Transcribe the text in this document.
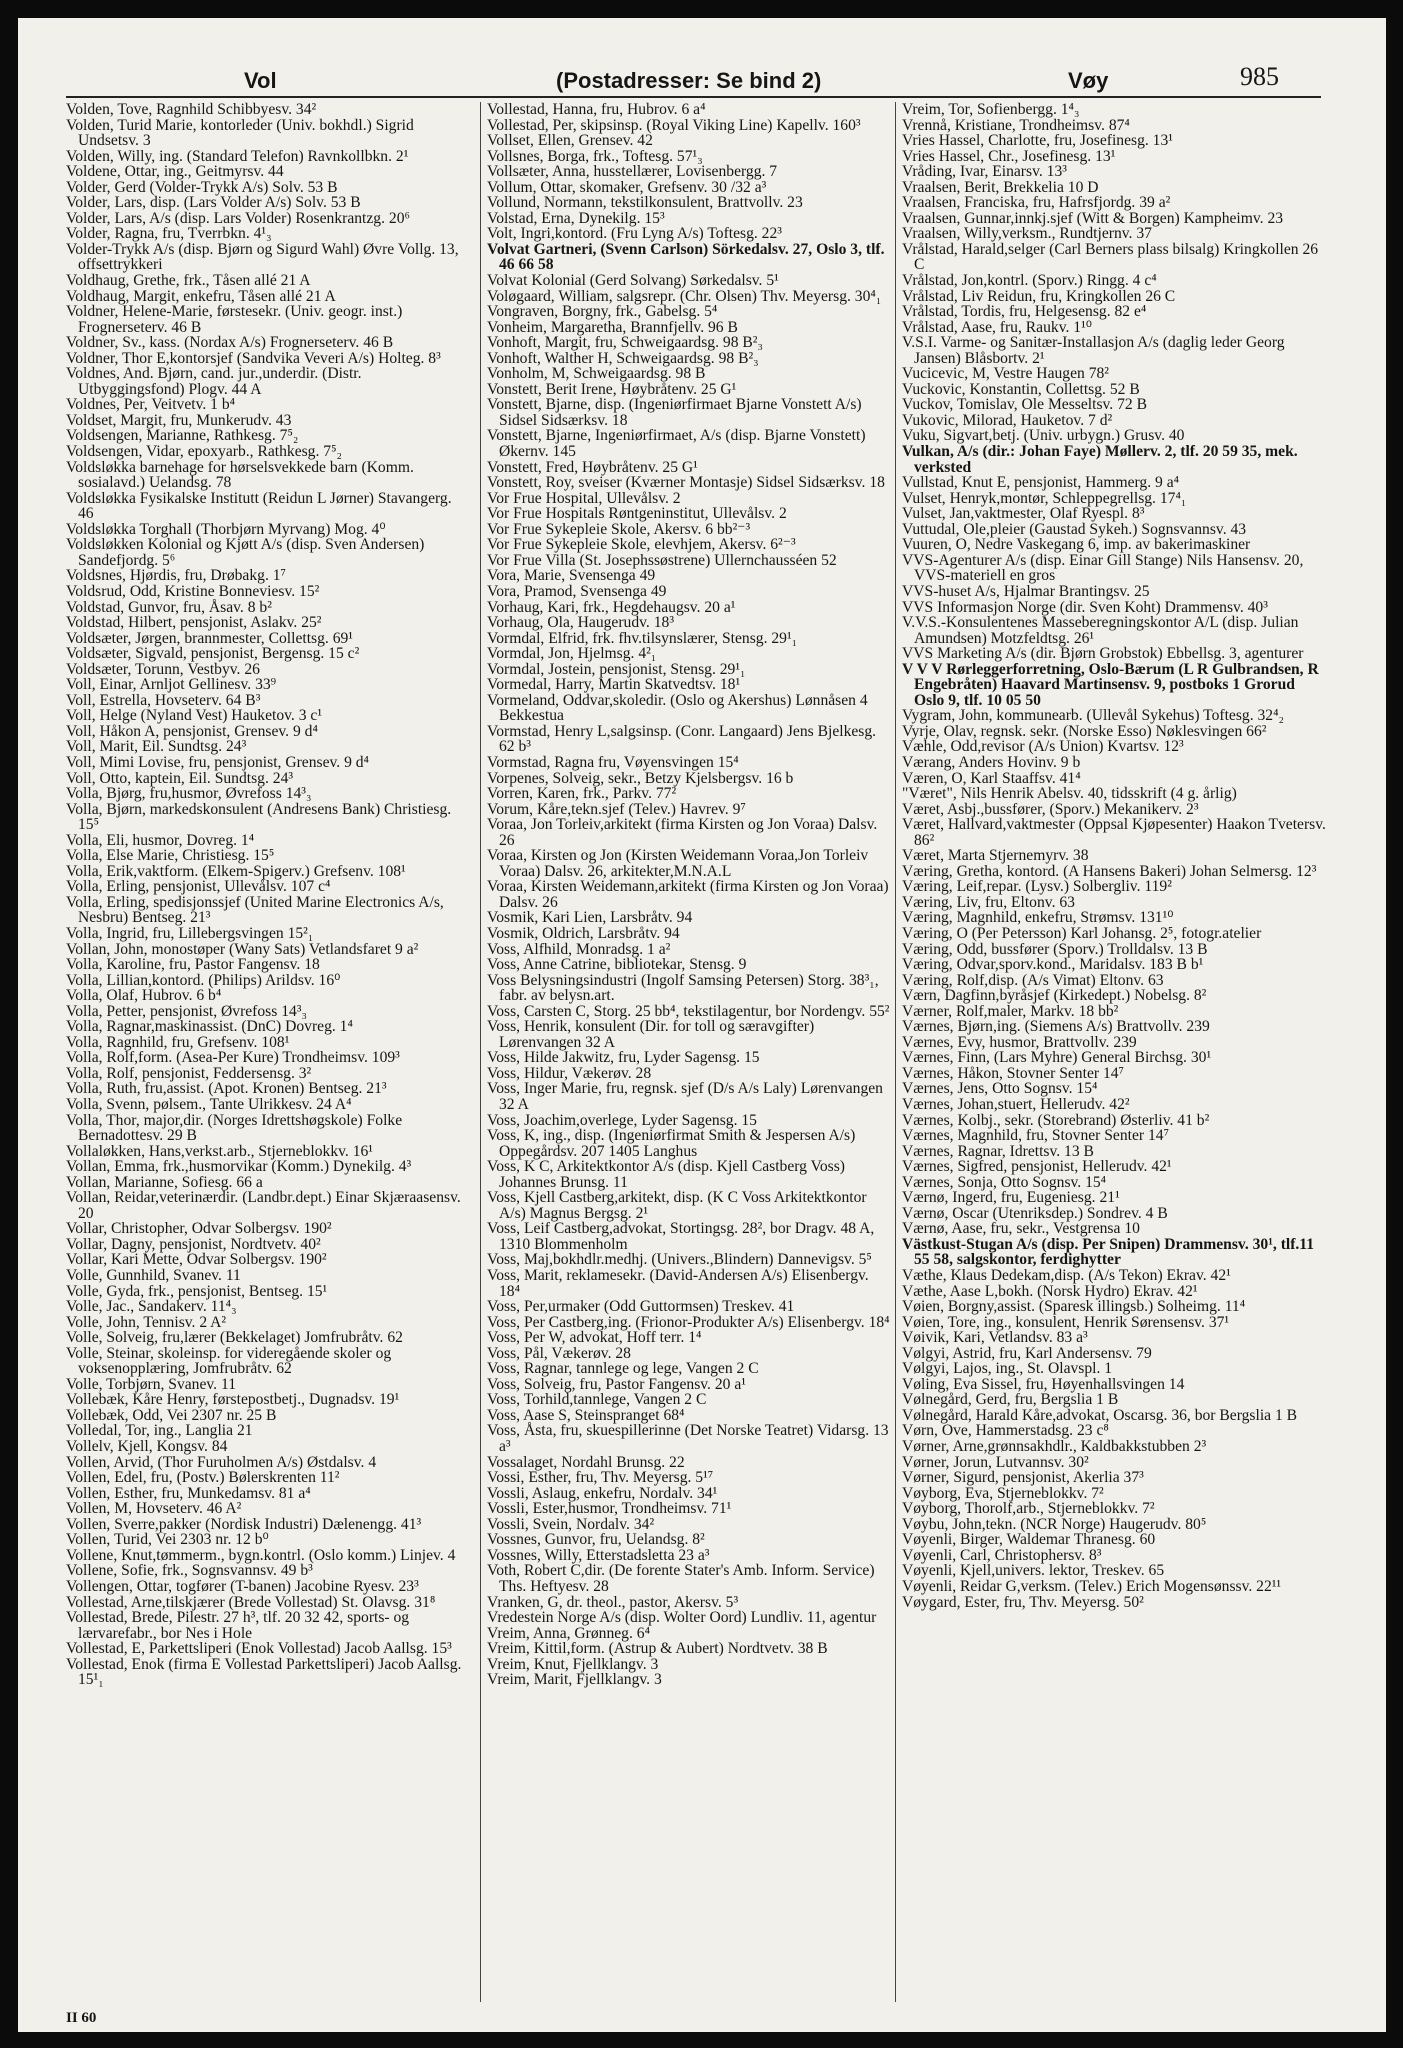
Vol	(Postadresser: Se bind 2)	Vøy	985

Volden, Tove, Ragnhild Schibbyesv. 34²

Volden, Turid Marie, kontorleder (Univ. bokhdl.) Sigrid Undsetsv. 3

Volden, Willy, ing. (Standard Telefon) Ravnkollbkn. 2¹

Voldene, Ottar, ing., Geitmyrsv. 44

Volder, Gerd (Volder-Trykk A/s) Solv. 53 B

Volder, Lars, disp. (Lars Volder A/s) Solv. 53 B

Volder, Lars, A/s (disp. Lars Volder) Rosenkrantzg. 20⁶

Volder, Ragna, fru, Tverrbkn. 4¹₃

Volder-Trykk A/s (disp. Bjørn og Sigurd Wahl) Øvre Vollg. 13, offsettrykkeri

Voldhaug, Grethe, frk., Tåsen allé 21 A

Voldhaug, Margit, enkefru, Tåsen allé 21 A

Voldner, Helene-Marie, førstesekr. (Univ. geogr. inst.) Frognerseterv. 46 B

Voldner, Sv., kass. (Nordax A/s) Frognerseterv. 46 B

Voldner, Thor E,kontorsjef (Sandvika Veveri A/s) Holteg. 8³

Voldnes, And. Bjørn, cand. jur.,underdir. (Distr. Utbyggingsfond) Plogv. 44 A

Voldnes, Per, Veitvetv. 1 b⁴

Voldset, Margit, fru, Munkerudv. 43

Voldsengen, Marianne, Rathkesg. 7⁵₂

Voldsengen, Vidar, epoxyarb., Rathkesg. 7⁵₂

Voldsløkka barnehage for hørselsvekkede barn (Komm. sosialavd.) Uelandsg. 78

Voldsløkka Fysikalske Institutt (Reidun L Jørner) Stavangerg. 46

Voldsløkka Torghall (Thorbjørn Myrvang) Mog. 4⁰

Voldsløkken Kolonial og Kjøtt A/s (disp. Sven Andersen) Sandefjordg. 5⁶

Voldsnes, Hjørdis, fru, Drøbakg. 1⁷

Voldsrud, Odd, Kristine Bonneviesv. 15²

Voldstad, Gunvor, fru, Åsav. 8 b²

Voldstad, Hilbert, pensjonist, Aslakv. 25²

Voldsæter, Jørgen, brannmester, Collettsg. 69¹

Voldsæter, Sigvald, pensjonist, Bergensg. 15 c²

Voldsæter, Torunn, Vestbyv. 26

Voll, Einar, Arnljot Gellinesv. 33⁹

Voll, Estrella, Hovseterv. 64 B³

Voll, Helge (Nyland Vest) Hauketov. 3 c¹

Voll, Håkon A, pensjonist, Grensev. 9 d⁴

Voll, Marit, Eil. Sundtsg. 24³

Voll, Mimi Lovise, fru, pensjonist, Grensev. 9 d⁴

Voll, Otto, kaptein, Eil. Sundtsg. 24³

Volla, Bjørg, fru,husmor, Øvrefoss 14³₃

Volla, Bjørn, markedskonsulent (Andresens Bank) Christiesg. 15⁵

Volla, Eli, husmor, Dovreg. 1⁴

Volla, Else Marie, Christiesg. 15⁵

Volla, Erik,vaktform. (Elkem-Spigerv.) Grefsenv. 108¹

Volla, Erling, pensjonist, Ullevålsv. 107 c⁴

Volla, Erling, spedisjonssjef (United Marine Electronics A/s, Nesbru) Bentseg. 21³

Volla, Ingrid, fru, Lillebergsvingen 15²₁

Vollan, John, monostøper (Wany Sats) Vetlandsfaret 9 a²

Volla, Karoline, fru, Pastor Fangensv. 18

Volla, Lillian,kontord. (Philips) Arildsv. 16⁰

Volla, Olaf, Hubrov. 6 b⁴

Volla, Petter, pensjonist, Øvrefoss 14³₃

Volla, Ragnar,maskinassist. (DnC) Dovreg. 1⁴

Volla, Ragnhild, fru, Grefsenv. 108¹

Volla, Rolf,form. (Asea-Per Kure) Trondheimsv. 109³

Volla, Rolf, pensjonist, Feddersensg. 3²

Volla, Ruth, fru,assist. (Apot. Kronen) Bentseg. 21³

Volla, Svenn, pølsem., Tante Ulrikkesv. 24 A⁴

Volla, Thor, major,dir. (Norges Idrettshøgskole) Folke Bernadottesv. 29 B

Vollaløkken, Hans,verkst.arb., Stjerneblokkv. 16¹

Vollan, Emma, frk.,husmorvikar (Komm.) Dynekilg. 4³

Vollan, Marianne, Sofiesg. 66 a

Vollan, Reidar,veterinærdir. (Landbr.dept.) Einar Skjæraasensv. 20

Vollar, Christopher, Odvar Solbergsv. 190²

Vollar, Dagny, pensjonist, Nordtvetv. 40²

Vollar, Kari Mette, Odvar Solbergsv. 190²

Volle, Gunnhild, Svanev. 11

Volle, Gyda, frk., pensjonist, Bentseg. 15¹

Volle, Jac., Sandakerv. 11⁴₃

Volle, John, Tennisv. 2 A²

Volle, Solveig, fru,lærer (Bekkelaget) Jomfrubråtv. 62

Volle, Steinar, skoleinsp. for videregående skoler og voksenopplæring, Jomfrubråtv. 62

Volle, Torbjørn, Svanev. 11

Vollebæk, Kåre Henry, førstepostbetj., Dugnadsv. 19¹

Vollebæk, Odd, Vei 2307 nr. 25 B

Volledal, Tor, ing., Langlia 21

Vollelv, Kjell, Kongsv. 84

Vollen, Arvid, (Thor Furuholmen A/s) Østdalsv. 4

Vollen, Edel, fru, (Postv.) Bølerskrenten 11²

Vollen, Esther, fru, Munkedamsv. 81 a⁴

Vollen, M, Hovseterv. 46 A²

Vollen, Sverre,pakker (Nordisk Industri) Dælenengg. 41³

Vollen, Turid, Vei 2303 nr. 12 b⁰

Vollene, Knut,tømmerm., bygn.kontrl. (Oslo komm.) Linjev. 4

Vollene, Sofie, frk., Sognsvannsv. 49 b³

Vollengen, Ottar, togfører (T-banen) Jacobine Ryesv. 23³

Vollestad, Arne,tilskjærer (Brede Vollestad) St. Olavsg. 31⁸

Vollestad, Brede, Pilestr. 27 h³, tlf. 20 32 42, sports- og lærvarefabr., bor Nes i Hole

Vollestad, E, Parkettsliperi (Enok Vollestad) Jacob Aallsg. 15³

Vollestad, Enok (firma E Vollestad Parkettsliperi) Jacob Aallsg. 15¹₁

Vollestad, Hanna, fru, Hubrov. 6 a⁴

Vollestad, Per, skipsinsp. (Royal Viking Line) Kapellv. 160³

Vollset, Ellen, Grensev. 42

Vollsnes, Borga, frk., Toftesg. 57¹₃

Vollsæter, Anna, husstellærer, Lovisenbergg. 7

Vollum, Ottar, skomaker, Grefsenv. 30 /32 a³

Vollund, Normann, tekstilkonsulent, Brattvollv. 23

Volstad, Erna, Dynekilg. 15³

Volt, Ingri,kontord. (Fru Lyng A/s) Toftesg. 22³

Volvat Gartneri, (Svenn Carlson) Sörkedalsv. 27, Oslo 3, tlf. 46 66 58

Volvat Kolonial (Gerd Solvang) Sørkedalsv. 5¹

Voløgaard, William, salgsrepr. (Chr. Olsen) Thv. Meyersg. 30⁴₁

Vongraven, Borgny, frk., Gabelsg. 5⁴

Vonheim, Margaretha, Brannfjellv. 96 B

Vonhoft, Margit, fru, Schweigaardsg. 98 B²₃

Vonhoft, Walther H, Schweigaardsg. 98 B²₃

Vonholm, M, Schweigaardsg. 98 B

Vonstett, Berit Irene, Høybråtenv. 25 G¹

Vonstett, Bjarne, disp. (Ingeniørfirmaet Bjarne Vonstett A/s) Sidsel Sidsærksv. 18

Vonstett, Bjarne, Ingeniørfirmaet, A/s (disp. Bjarne Vonstett) Økernv. 145

Vonstett, Fred, Høybråtenv. 25 G¹

Vonstett, Roy, sveiser (Kværner Montasje) Sidsel Sidsærksv. 18

Vor Frue Hospital, Ullevålsv. 2

Vor Frue Hospitals Røntgeninstitut, Ullevålsv. 2

Vor Frue Sykepleie Skole, Akersv. 6 bb²⁻³

Vor Frue Sykepleie Skole, elevhjem, Akersv. 6²⁻³

Vor Frue Villa (St. Josephssøstrene) Ullernchausséen 52

Vora, Marie, Svensenga 49

Vora, Pramod, Svensenga 49

Vorhaug, Kari, frk., Hegdehaugsv. 20 a¹

Vorhaug, Ola, Haugerudv. 18³

Vormdal, Elfrid, frk. fhv.tilsynslærer, Stensg. 29¹₁

Vormdal, Jon, Hjelmsg. 4²₁

Vormdal, Jostein, pensjonist, Stensg. 29¹₁

Vormedal, Harry, Martin Skatvedtsv. 18¹

Vormeland, Oddvar,skoledir. (Oslo og Akershus) Lønnåsen 4 Bekkestua

Vormstad, Henry L,salgsinsp. (Conr. Langaard) Jens Bjelkesg. 62 b³

Vormstad, Ragna fru, Vøyensvingen 15⁴

Vorpenes, Solveig, sekr., Betzy Kjelsbergsv. 16 b

Vorren, Karen, frk., Parkv. 77²

Vorum, Kåre,tekn.sjef (Telev.) Havrev. 9⁷

Voraa, Jon Torleiv,arkitekt (firma Kirsten og Jon Voraa) Dalsv. 26

Voraa, Kirsten og Jon (Kirsten Weidemann Voraa,Jon Torleiv Voraa) Dalsv. 26, arkitekter,M.N.A.L

Voraa, Kirsten Weidemann,arkitekt (firma Kirsten og Jon Voraa) Dalsv. 26

Vosmik, Kari Lien, Larsbråtv. 94

Vosmik, Oldrich, Larsbråtv. 94

Voss, Alfhild, Monradsg. 1 a²

Voss, Anne Catrine, bibliotekar, Stensg. 9

Voss Belysningsindustri (Ingolf Samsing Petersen) Storg. 38³₁, fabr. av belysn.art.

Voss, Carsten C, Storg. 25 bb⁴, tekstilagentur, bor Nordengv. 55²

Voss, Henrik, konsulent (Dir. for toll og særavgifter) Lørenvangen 32 A

Voss, Hilde Jakwitz, fru, Lyder Sagensg. 15

Voss, Hildur, Vækerøv. 28

Voss, Inger Marie, fru, regnsk. sjef (D/s A/s Laly) Lørenvangen 32 A

Voss, Joachim,overlege, Lyder Sagensg. 15

Voss, K, ing., disp. (Ingeniørfirmat Smith & Jespersen A/s) Oppegårdsv. 207 1405 Langhus

Voss, K C, Arkitektkontor A/s (disp. Kjell Castberg Voss) Johannes Brunsg. 11

Voss, Kjell Castberg,arkitekt, disp. (K C Voss Arkitektkontor A/s) Magnus Bergsg. 2¹

Voss, Leif Castberg,advokat, Stortingsg. 28², bor Dragv. 48 A, 1310 Blommenholm

Voss, Maj,bokhdlr.medhj. (Univers.,Blindern) Dannevigsv. 5⁵

Voss, Marit, reklamesekr. (David-Andersen A/s) Elisenbergv. 18⁴

Voss, Per,urmaker (Odd Guttormsen) Treskev. 41

Voss, Per Castberg,ing. (Frionor-Produkter A/s) Elisenbergv. 18⁴

Voss, Per W, advokat, Hoff terr. 1⁴

Voss, Pål, Vækerøv. 28

Voss, Ragnar, tannlege og lege, Vangen 2 C

Voss, Solveig, fru, Pastor Fangensv. 20 a¹

Voss, Torhild,tannlege, Vangen 2 C

Voss, Aase S, Steinspranget 68⁴

Voss, Åsta, fru, skuespillerinne (Det Norske Teatret) Vidarsg. 13 a³

Vossalaget, Nordahl Brunsg. 22

Vossi, Esther, fru, Thv. Meyersg. 5¹⁷

Vossli, Aslaug, enkefru, Nordalv. 34¹

Vossli, Ester,husmor, Trondheimsv. 71¹

Vossli, Svein, Nordalv. 34²

Vossnes, Gunvor, fru, Uelandsg. 8²

Vossnes, Willy, Etterstadsletta 23 a³

Voth, Robert C,dir. (De forente Stater's Amb. Inform. Service) Ths. Heftyesv. 28

Vranken, G, dr. theol., pastor, Akersv. 5³

Vredestein Norge A/s (disp. Wolter Oord) Lundliv. 11, agentur

Vreim, Anna, Grønneg. 6⁴

Vreim, Kittil,form. (Astrup & Aubert) Nordtvetv. 38 B

Vreim, Knut, Fjellklangv. 3

Vreim, Marit, Fjellklangv. 3

Vreim, Tor, Sofienbergg. 1⁴₃

Vrennå, Kristiane, Trondheimsv. 87⁴

Vries Hassel, Charlotte, fru, Josefinesg. 13¹

Vries Hassel, Chr., Josefinesg. 13¹

Vråding, Ivar, Einarsv. 13³

Vraalsen, Berit, Brekkelia 10 D

Vraalsen, Franciska, fru, Hafrsfjordg. 39 a²

Vraalsen, Gunnar,innkj.sjef (Witt & Borgen) Kampheimv. 23

Vraalsen, Willy,verksm., Rundtjernv. 37

Vrålstad, Harald,selger (Carl Berners plass bilsalg) Kringkollen 26 C

Vrålstad, Jon,kontrl. (Sporv.) Ringg. 4 c⁴

Vrålstad, Liv Reidun, fru, Kringkollen 26 C

Vrålstad, Tordis, fru, Helgesensg. 82 e⁴

Vrålstad, Aase, fru, Raukv. 1¹⁰

V.S.I. Varme- og Sanitær-Installasjon A/s (daglig leder Georg Jansen) Blåsbortv. 2¹

Vucicevic, M, Vestre Haugen 78²

Vuckovic, Konstantin, Collettsg. 52 B

Vuckov, Tomislav, Ole Messeltsv. 72 B

Vukovic, Milorad, Hauketov. 7 d²

Vuku, Sigvart,betj. (Univ. urbygn.) Grusv. 40

Vulkan, A/s (dir.: Johan Faye) Møllerv. 2, tlf. 20 59 35, mek. verksted

Vullstad, Knut E, pensjonist, Hammerg. 9 a⁴

Vulset, Henryk,montør, Schleppegrellsg. 17⁴₁

Vulset, Jan,vaktmester, Olaf Ryespl. 8³

Vuttudal, Ole,pleier (Gaustad Sykeh.) Sognsvannsv. 43

Vuuren, O, Nedre Vaskegang 6, imp. av bakerimaskiner

VVS-Agenturer A/s (disp. Einar Gill Stange) Nils Hansensv. 20, VVS-materiell en gros

VVS-huset A/s, Hjalmar Brantingsv. 25

VVS Informasjon Norge (dir. Sven Koht) Drammensv. 40³

V.V.S.-Konsulentenes Masseberegningskontor A/L (disp. Julian Amundsen) Motzfeldtsg. 26¹

VVS Marketing A/s (dir. Bjørn Grobstok) Ebbellsg. 3, agenturer

V V V Rørleggerforretning, Oslo-Bærum (L R Gulbrandsen, R Engebråten) Haavard Martinsensv. 9, postboks 1 Grorud Oslo 9, tlf. 10 05 50

Vygram, John, kommunearb. (Ullevål Sykehus) Toftesg. 32⁴₂

Vyrje, Olav, regnsk. sekr. (Norske Esso) Nøklesvingen 66²

Væhle, Odd,revisor (A/s Union) Kvartsv. 12³

Værang, Anders Hovinv. 9 b

Væren, O, Karl Staaffsv. 41⁴

"Været", Nils Henrik Abelsv. 40, tidsskrift (4 g. årlig)

Været, Asbj.,bussfører, (Sporv.) Mekanikerv. 2³

Været, Hallvard,vaktmester (Oppsal Kjøpesenter) Haakon Tvetersv. 86²

Været, Marta Stjernemyrv. 38

Væring, Gretha, kontord. (A Hansens Bakeri) Johan Selmersg. 12³

Væring, Leif,repar. (Lysv.) Solbergliv. 119²

Væring, Liv, fru, Eltonv. 63

Væring, Magnhild, enkefru, Strømsv. 131¹⁰

Væring, O (Per Petersson) Karl Johansg. 2⁵, fotogr.atelier

Væring, Odd, bussfører (Sporv.) Trolldalsv. 13 B

Væring, Odvar,sporv.kond., Maridalsv. 183 B b¹

Væring, Rolf,disp. (A/s Vimat) Eltonv. 63

Værn, Dagfinn,byråsjef (Kirkedept.) Nobelsg. 8²

Værner, Rolf,maler, Markv. 18 bb²

Værnes, Bjørn,ing. (Siemens A/s) Brattvollv. 239

Værnes, Evy, husmor, Brattvollv. 239

Værnes, Finn, (Lars Myhre) General Birchsg. 30¹

Værnes, Håkon, Stovner Senter 14⁷

Værnes, Jens, Otto Sognsv. 15⁴

Værnes, Johan,stuert, Hellerudv. 42²

Værnes, Kolbj., sekr. (Storebrand) Østerliv. 41 b²

Værnes, Magnhild, fru, Stovner Senter 14⁷

Værnes, Ragnar, Idrettsv. 13 B

Værnes, Sigfred, pensjonist, Hellerudv. 42¹

Værnes, Sonja, Otto Sognsv. 15⁴

Værnø, Ingerd, fru, Eugeniesg. 21¹

Værnø, Oscar (Utenriksdep.) Sondrev. 4 B

Værnø, Aase, fru, sekr., Vestgrensa 10

Västkust-Stugan A/s (disp. Per Snipen) Drammensv. 30¹, tlf.11 55 58, salgskontor, ferdighytter

Væthe, Klaus Dedekam,disp. (A/s Tekon) Ekrav. 42¹

Væthe, Aase L,bokh. (Norsk Hydro) Ekrav. 42¹

Vøien, Borgny,assist. (Sparesk illingsb.) Solheimg. 11⁴

Vøien, Tore, ing., konsulent, Henrik Sørensensv. 37¹

Vøivik, Kari, Vetlandsv. 83 a³

Vølgyi, Astrid, fru, Karl Andersensv. 79

Vølgyi, Lajos, ing., St. Olavspl. 1

Vøling, Eva Sissel, fru, Høyenhallsvingen 14

Vølnegård, Gerd, fru, Bergslia 1 B

Vølnegård, Harald Kåre,advokat, Oscarsg. 36, bor Bergslia 1 B

Vørn, Ove, Hammerstadsg. 23 c⁸

Vørner, Arne,grønnsakhdlr., Kaldbakkstubben 2³

Vørner, Jorun, Lutvannsv. 30²

Vørner, Sigurd, pensjonist, Akerlia 37³

Vøyborg, Eva, Stjerneblokkv. 7²

Vøyborg, Thorolf,arb., Stjerneblokkv. 7²

Vøybu, John,tekn. (NCR Norge) Haugerudv. 80⁵

Vøyenli, Birger, Waldemar Thranesg. 60

Vøyenli, Carl, Christophersv. 8³

Vøyenli, Kjell,univers. lektor, Treskev. 65

Vøyenli, Reidar G,verksm. (Telev.) Erich Mogensønssv. 22¹¹

Vøygard, Ester, fru, Thv. Meyersg. 50²

II 60
